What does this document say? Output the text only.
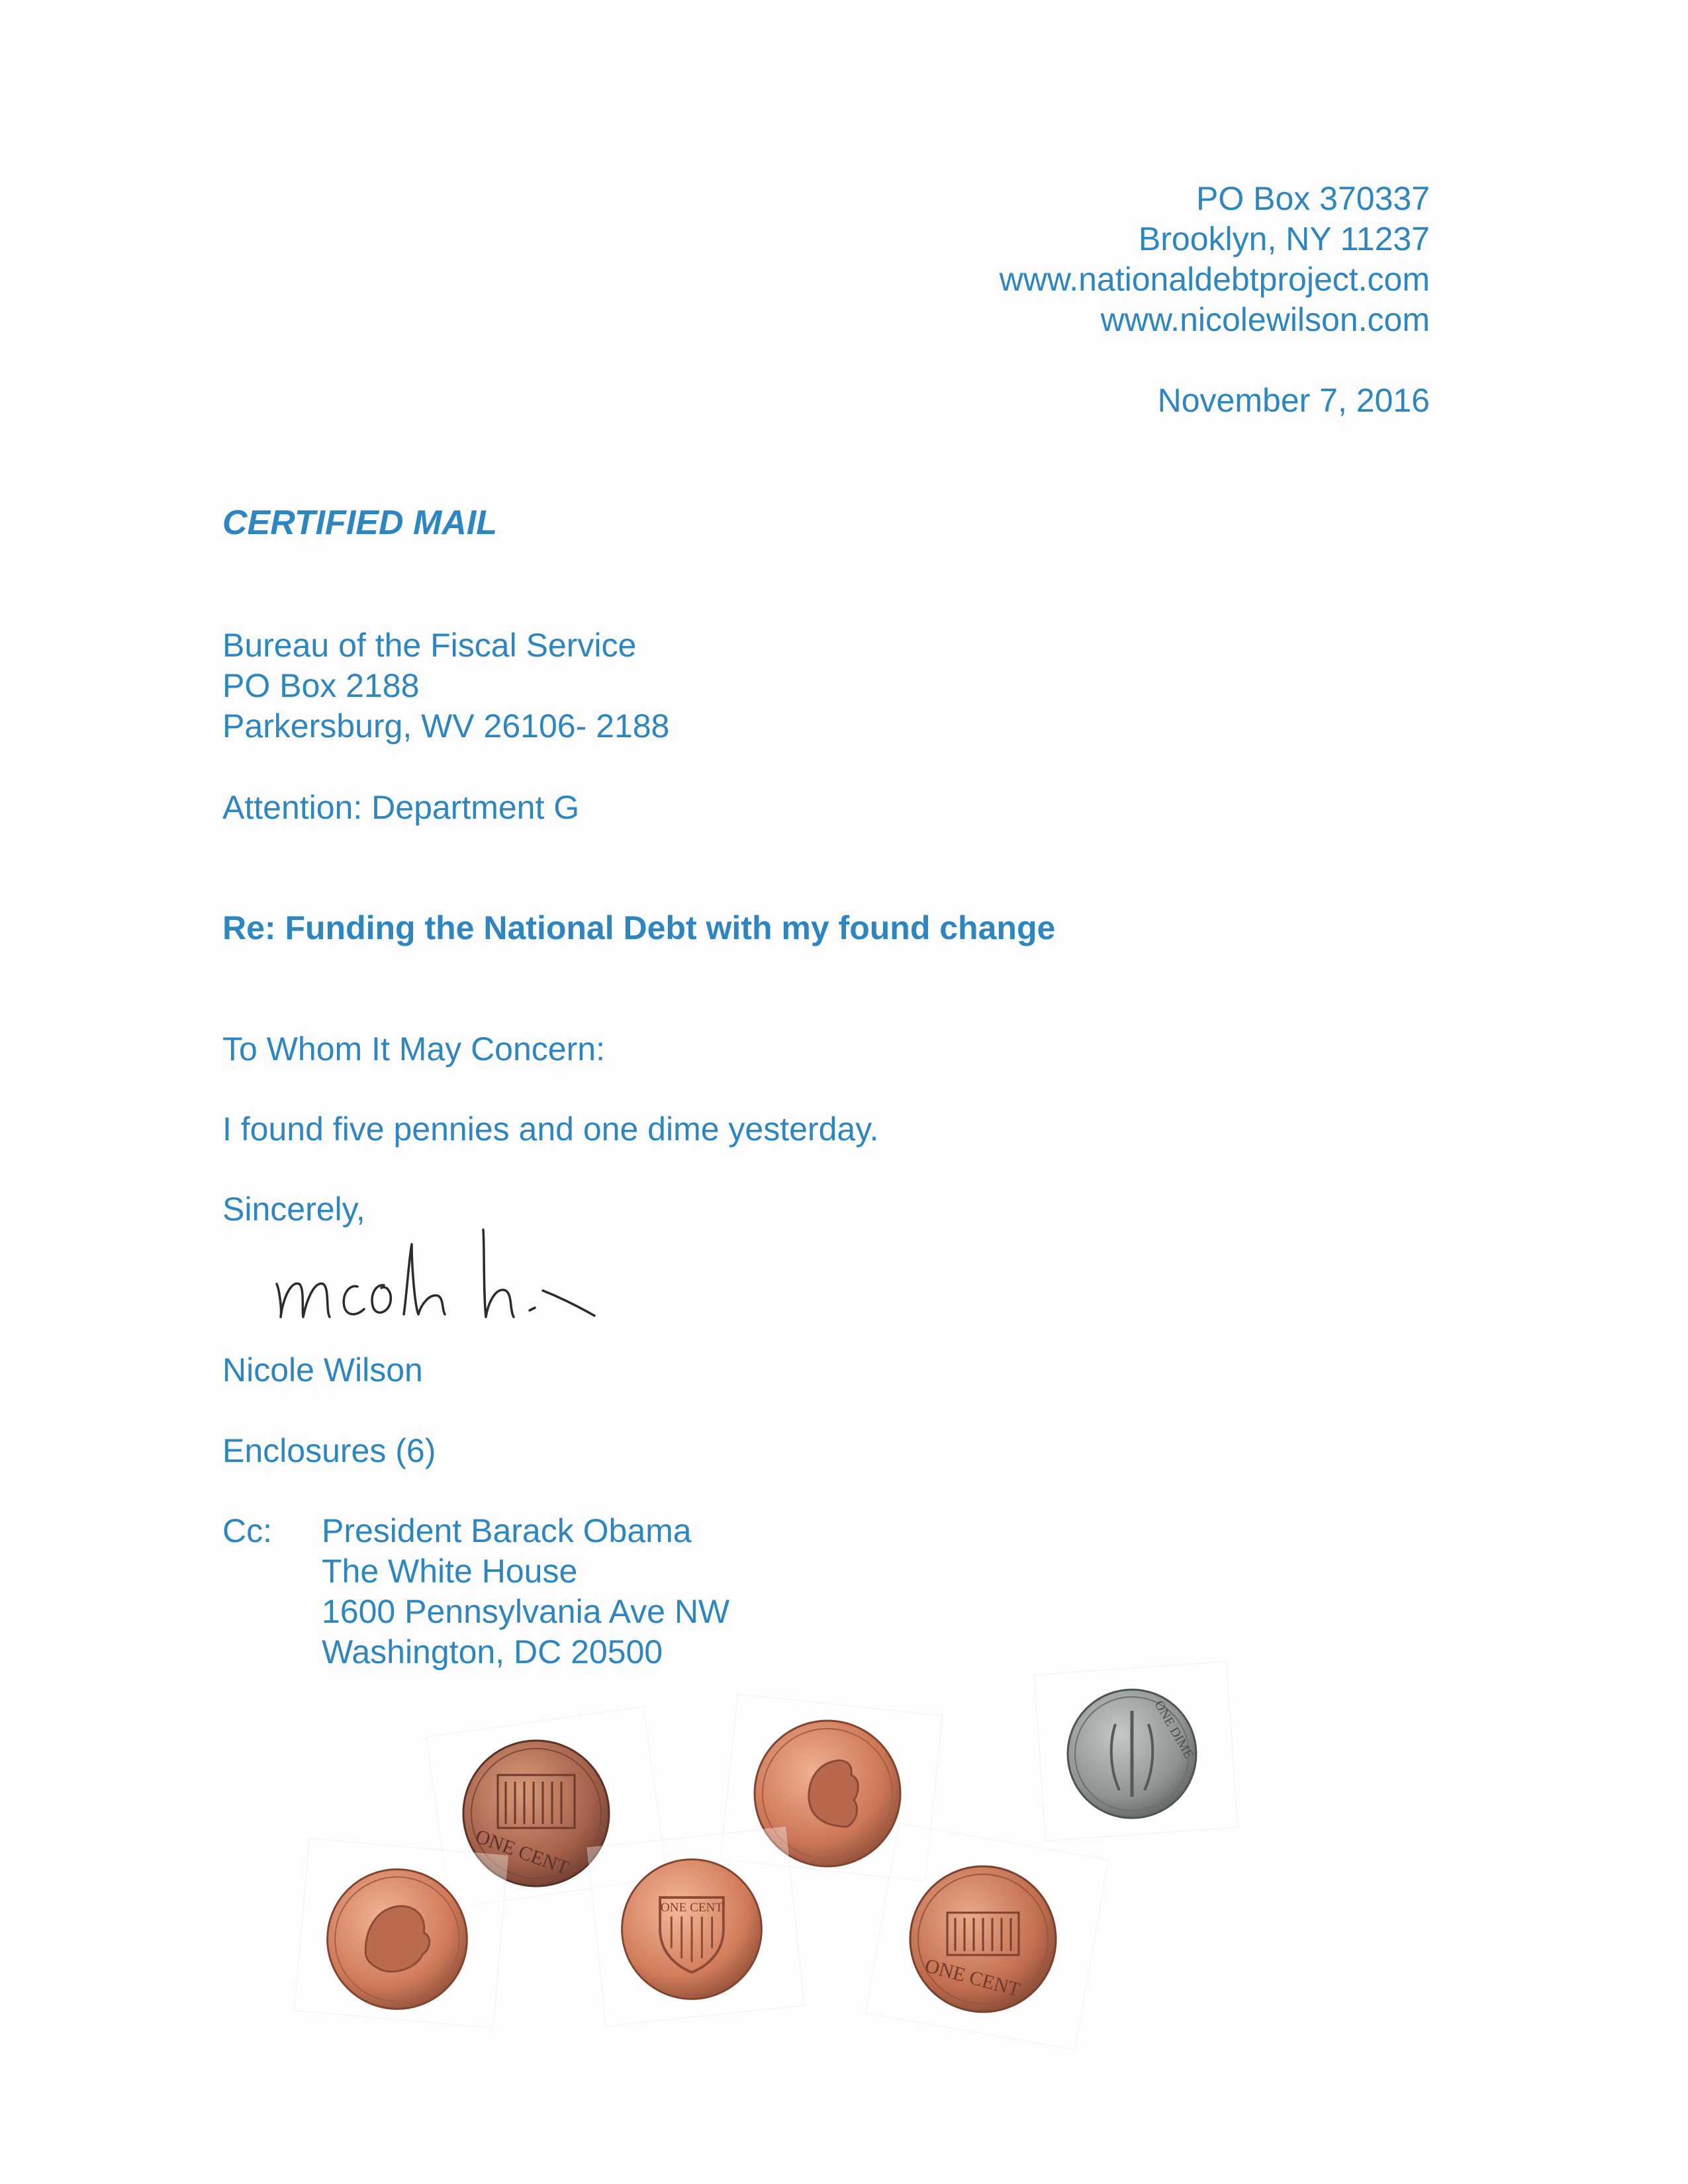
PO Box 370337
Brooklyn, NY 11237
www.nationaldebtproject.com
www.nicolewilson.com
November 7, 2016
CERTIFIED MAIL
Bureau of the Fiscal Service
PO Box 2188
Parkersburg, WV 26106- 2188
Attention: Department G
Re: Funding the National Debt with my found change
To Whom It May Concern:
I found five pennies and one dime yesterday.
Sincerely,
Nicole Wilson
Enclosures (6)
Cc: President Barack Obama
The White House
1600 Pennsylvania Ave NW
Washington, DC 20500
ONE CENT
ONE DIME
ONE CENT
ONE CENT
